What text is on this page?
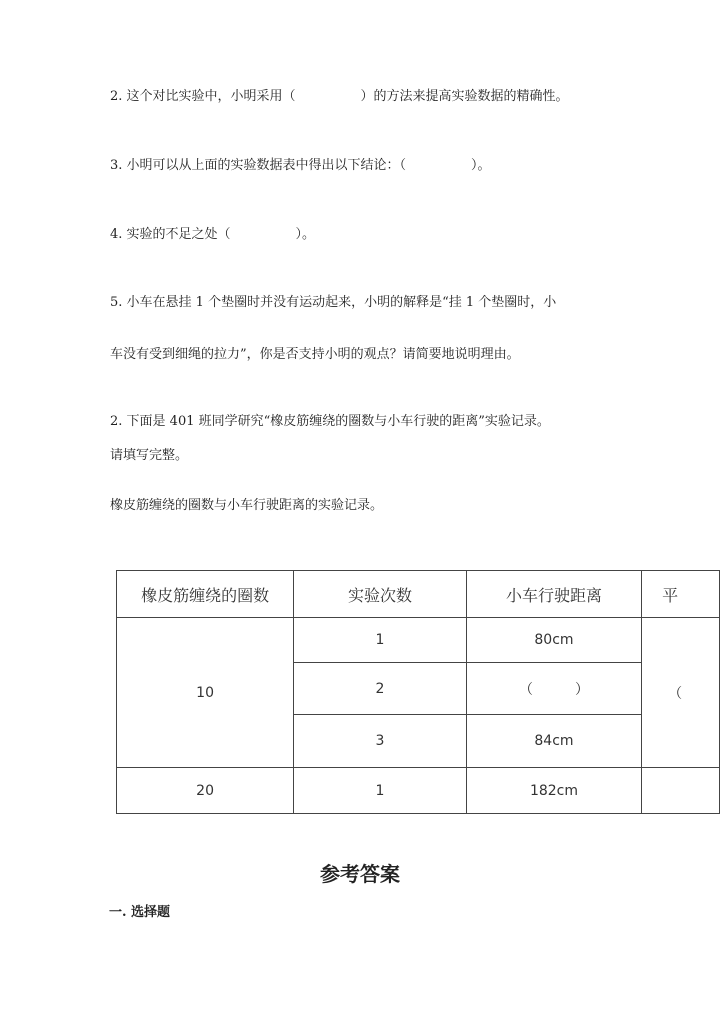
2. 这个对比实验中，小明采用（　　　　　）的方法来提高实验数据的精确性。
3. 小明可以从上面的实验数据表中得出以下结论：（　　　　　）。
4. 实验的不足之处（　　　　　）。
5. 小车在悬挂 1 个垫圈时并没有运动起来，小明的解释是“挂 1 个垫圈时，小
车没有受到细绳的拉力”，你是否支持小明的观点？请简要地说明理由。
2. 下面是 401 班同学研究“橡皮筋缠绕的圈数与小车行驶的距离”实验记录。
请填写完整。
橡皮筋缠绕的圈数与小车行驶距离的实验记录。
橡皮筋缠绕的圈数	实验次数	小车行驶距离	平
10	1	80cm	（
	2	（　　　）	
	3	84cm	
20	1	182cm	
参考答案
一. 选择题
